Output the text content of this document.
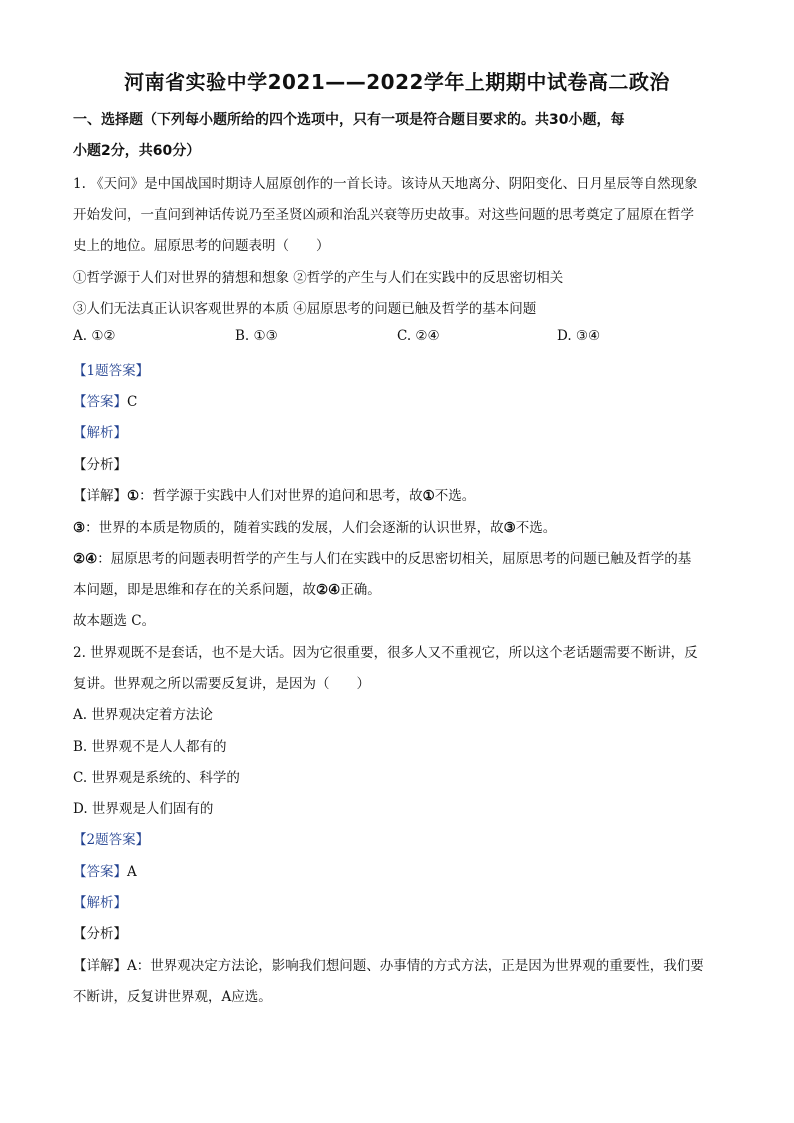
河南省实验中学2021——2022学年上期期中试卷高二政治
一、选择题（下列每小题所给的四个选项中，只有一项是符合题目要求的。共30小题，每
小题2分，共60分）
1. 《天问》是中国战国时期诗人屈原创作的一首长诗。该诗从天地离分、阴阳变化、日月星辰等自然现象
开始发问，一直问到神话传说乃至圣贤凶顽和治乱兴衰等历史故事。对这些问题的思考奠定了屈原在哲学
史上的地位。屈原思考的问题表明（　　）
①哲学源于人们对世界的猜想和想象 ②哲学的产生与人们在实践中的反思密切相关
③人们无法真正认识客观世界的本质 ④屈原思考的问题已触及哲学的基本问题
A. ①②	B. ①③	C. ②④	D. ③④
【1题答案】
【答案】C
【解析】
【分析】
【详解】①：哲学源于实践中人们对世界的追问和思考，故①不选。
③：世界的本质是物质的，随着实践的发展，人们会逐渐的认识世界，故③不选。
②④：屈原思考的问题表明哲学的产生与人们在实践中的反思密切相关，屈原思考的问题已触及哲学的基
本问题，即是思维和存在的关系问题，故②④正确。
故本题选 C。
2. 世界观既不是套话，也不是大话。因为它很重要，很多人又不重视它，所以这个老话题需要不断讲，反
复讲。世界观之所以需要反复讲，是因为（　　）
A. 世界观决定着方法论
B. 世界观不是人人都有的
C. 世界观是系统的、科学的
D. 世界观是人们固有的
【2题答案】
【答案】A
【解析】
【分析】
【详解】A：世界观决定方法论，影响我们想问题、办事情的方式方法，正是因为世界观的重要性，我们要
不断讲，反复讲世界观，A应选。
